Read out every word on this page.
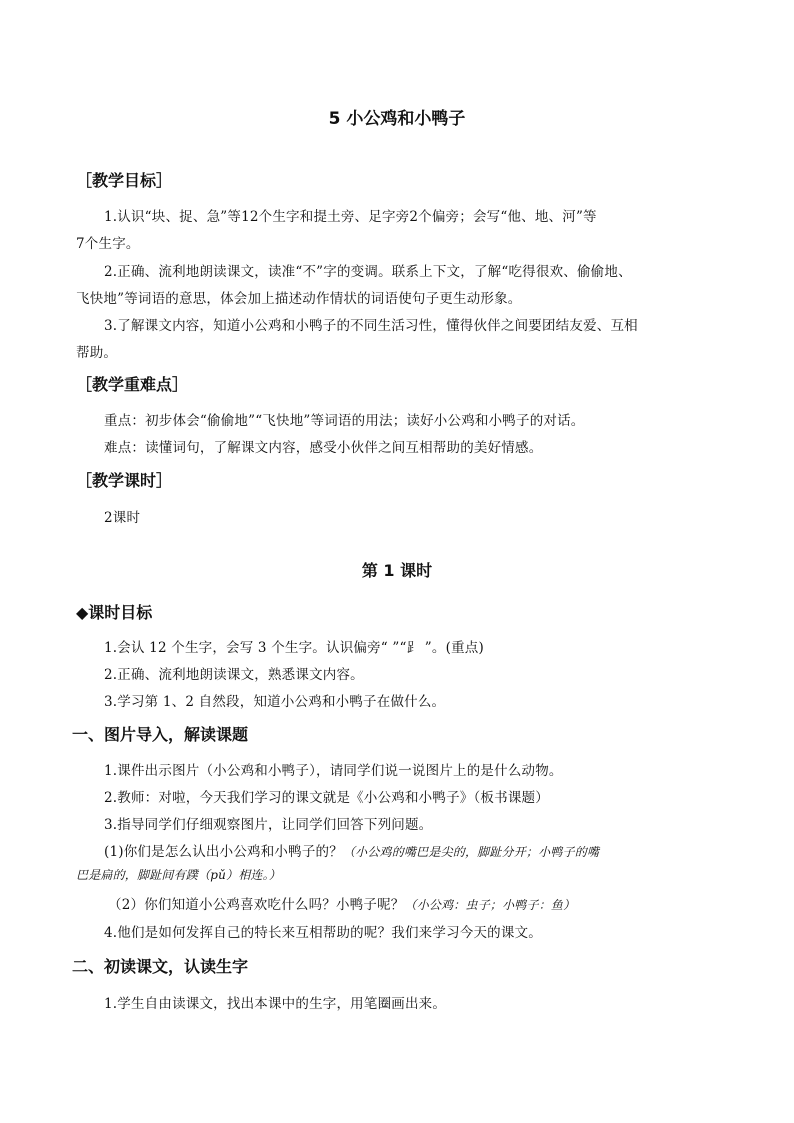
5 小公鸡和小鸭子
［教学目标］
1.认识“块、捉、急”等12个生字和提土旁、足字旁2个偏旁；会写“他、地、河”等
7个生字。
2.正确、流利地朗读课文，读准“不”字的变调。联系上下文，了解“吃得很欢、偷偷地、
飞快地”等词语的意思，体会加上描述动作情状的词语使句子更生动形象。
3.了解课文内容，知道小公鸡和小鸭子的不同生活习性，懂得伙伴之间要团结友爱、互相
帮助。
［教学重难点］
重点：初步体会“偷偷地”“飞快地”等词语的用法；读好小公鸡和小鸭子的对话。
难点：读懂词句，了解课文内容，感受小伙伴之间互相帮助的美好情感。
［教学课时］
2课时
第 1 课时
◆课时目标
1.会认 12 个生字，会写 3 个生字。认识偏旁“ ”“⻊ ”。(重点)
2.正确、流利地朗读课文，熟悉课文内容。
3.学习第 1、2 自然段，知道小公鸡和小鸭子在做什么。
一、图片导入，解读课题
1.课件出示图片（小公鸡和小鸭子），请同学们说一说图片上的是什么动物。
2.教师：对啦，今天我们学习的课文就是《小公鸡和小鸭子》（板书课题）
3.指导同学们仔细观察图片，让同学们回答下列问题。
(1)你们是怎么认出小公鸡和小鸭子的？（小公鸡的嘴巴是尖的，脚趾分开；小鸭子的嘴
巴是扁的，脚趾间有蹼（pǔ）相连。）
（2）你们知道小公鸡喜欢吃什么吗？小鸭子呢？（小公鸡：虫子；小鸭子：鱼）
4.他们是如何发挥自己的特长来互相帮助的呢？我们来学习今天的课文。
二、初读课文，认读生字
1.学生自由读课文，找出本课中的生字，用笔圈画出来。
